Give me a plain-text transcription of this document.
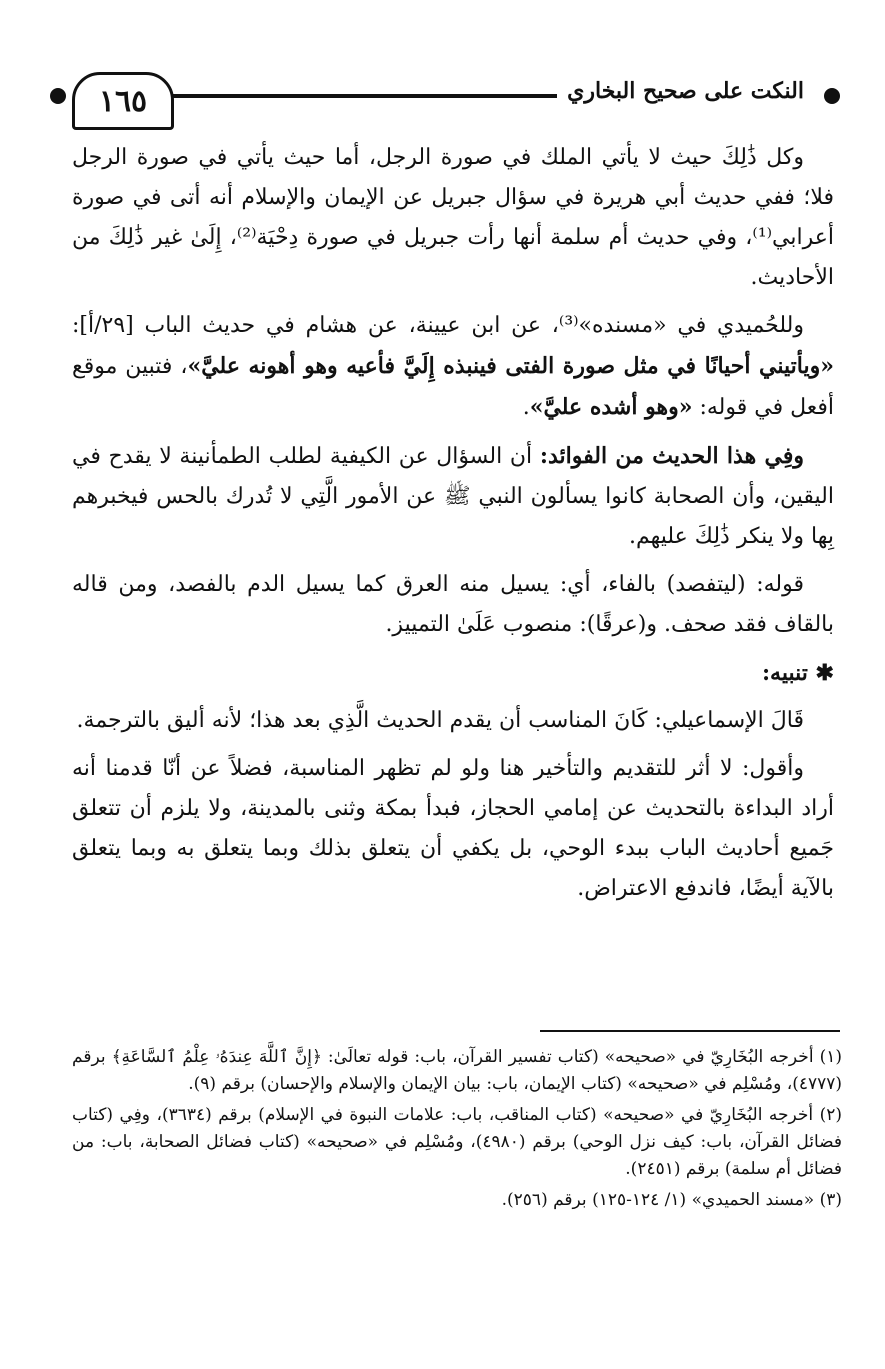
١٦٥	النكت على صحيح البخاري

وكل ذَٰلِكَ حيث لا يأتي الملك في صورة الرجل، أما حيث يأتي في صورة الرجل فلا؛ ففي حديث أبي هريرة في سؤال جبريل عن الإيمان والإسلام أنه أتى في صورة أعرابي⁽¹⁾، وفي حديث أم سلمة أنها رأت جبريل في صورة دِحْيَة⁽²⁾، إِلَىٰ غير ذَٰلِكَ من الأحاديث.

وللحُميدي في «مسنده»⁽³⁾، عن ابن عيينة، عن هشام في حديث الباب [٢٩/أ]: «ويأتيني أحيانًا في مثل صورة الفتى فينبذه إِلَيَّ فأعيه وهو أهونه عليَّ»، فتبين موقع أفعل في قوله: «وهو أشده عليَّ».

وفِي هذا الحديث من الفوائد: أن السؤال عن الكيفية لطلب الطمأنينة لا يقدح في اليقين، وأن الصحابة كانوا يسألون النبي ﷺ عن الأمور الَّتِي لا تُدرك بالحس فيخبرهم بِها ولا ينكر ذَٰلِكَ عليهم.

قوله: (ليتفصد) بالفاء، أي: يسيل منه العرق كما يسيل الدم بالفصد، ومن قاله بالقاف فقد صحف. و(عرقًا): منصوب عَلَىٰ التمييز.

✱ تنبيه:

قَالَ الإسماعيلي: كَانَ المناسب أن يقدم الحديث الَّذِي بعد هذا؛ لأنه أليق بالترجمة.

وأقول: لا أثر للتقديم والتأخير هنا ولو لم تظهر المناسبة، فضلاً عن أنّا قدمنا أنه أراد البداءة بالتحديث عن إمامي الحجاز، فبدأ بمكة وثنى بالمدينة، ولا يلزم أن تتعلق جَميع أحاديث الباب ببدء الوحي، بل يكفي أن يتعلق بذلك وبما يتعلق به وبما يتعلق بالآية أيضًا، فاندفع الاعتراض.

(١) أخرجه البُخَارِيّ في «صحيحه» (كتاب تفسير القرآن، باب: قوله تعالَىٰ: ﴿إِنَّ ٱللَّهَ عِندَهُۥ عِلْمُ ٱلسَّاعَةِ﴾ برقم (٤٧٧٧)، ومُسْلِم في «صحيحه» (كتاب الإيمان، باب: بيان الإيمان والإسلام والإحسان) برقم (٩).

(٢) أخرجه البُخَارِيّ في «صحيحه» (كتاب المناقب، باب: علامات النبوة في الإسلام) برقم (٣٦٣٤)، وفِي (كتاب فضائل القرآن، باب: كيف نزل الوحي) برقم (٤٩٨٠)، ومُسْلِم في «صحيحه» (كتاب فضائل الصحابة، باب: من فضائل أم سلمة) برقم (٢٤٥١).

(٣) «مسند الحميدي» (١/ ١٢٤-١٢٥) برقم (٢٥٦).
